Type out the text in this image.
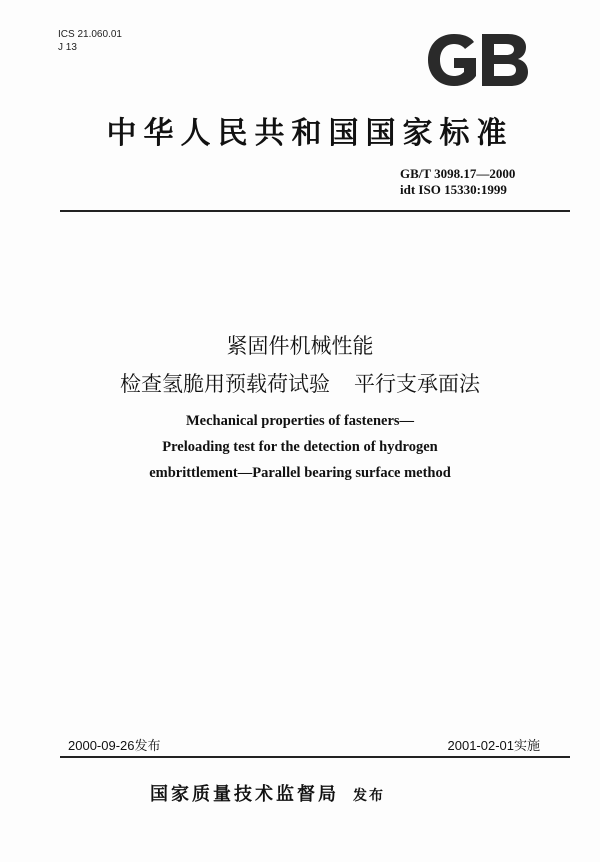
ICS 21.060.01
J 13
中华人民共和国国家标准
GB/T 3098.17—2000
idt ISO 15330:1999
紧固件机械性能
检查氢脆用预载荷试验 平行支承面法
Mechanical properties of fasteners—
Preloading test for the detection of hydrogen
embrittlement—Parallel bearing surface method
2000-09-26发布	2001-02-01实施
国家质量技术监督局 发布
